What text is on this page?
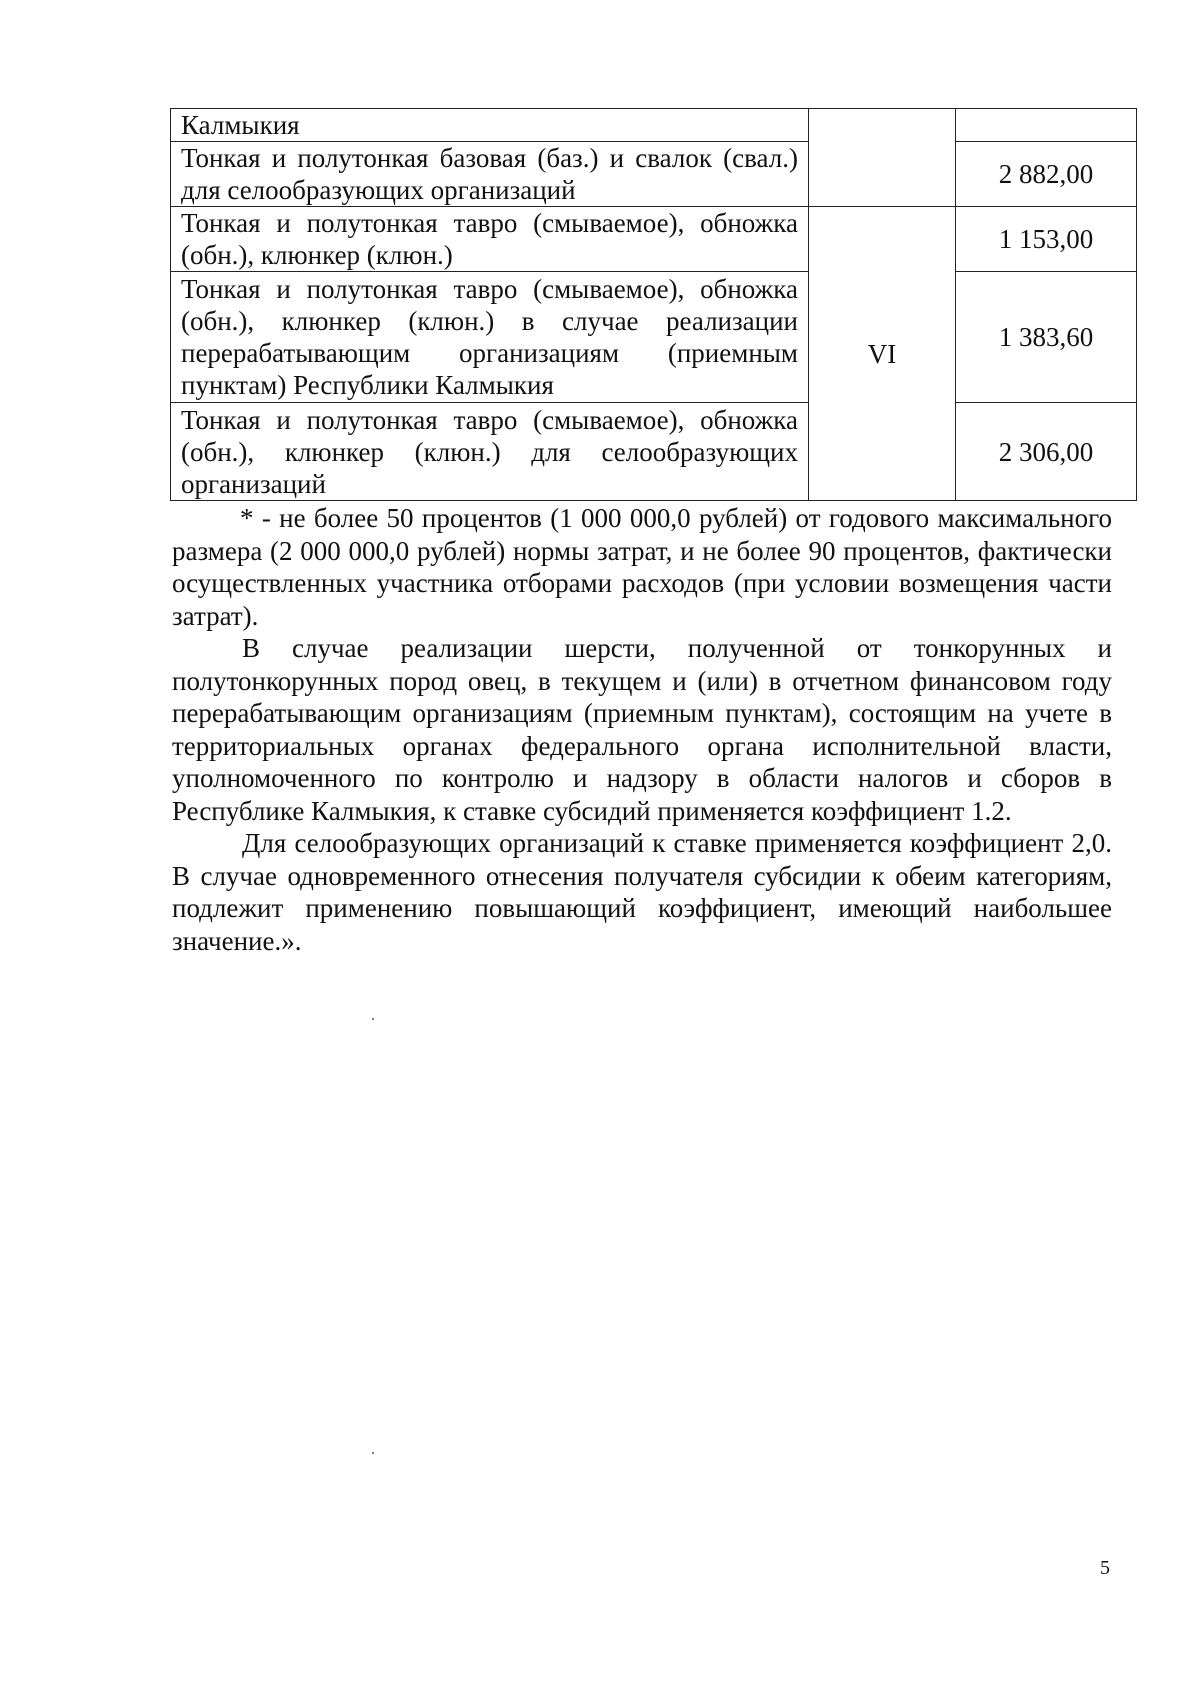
Калмыкия		
Тонкая и полутонкая базовая (баз.) и свалок (свал.) для селообразующих организаций		2 882,00
Тонкая и полутонкая тавро (смываемое), обножка (обн.), клюнкер (клюн.)	VI	1 153,00
Тонкая и полутонкая тавро (смываемое), обножка (обн.), клюнкер (клюн.) в случае реализации перерабатывающим организациям (приемным пунктам) Республики Калмыкия		1 383,60
Тонкая и полутонкая тавро (смываемое), обножка (обн.), клюнкер (клюн.) для селообразующих организаций		2 306,00

* - не более 50 процентов (1 000 000,0 рублей) от годового максимального размера (2 000 000,0 рублей) нормы затрат, и не более 90 процентов, фактически осуществленных участника отборами расходов (при условии возмещения части затрат).

В случае реализации шерсти, полученной от тонкорунных и полутонкорунных пород овец, в текущем и (или) в отчетном финансовом году перерабатывающим организациям (приемным пунктам), состоящим на учете в территориальных органах федерального органа исполнительной власти, уполномоченного по контролю и надзору в области налогов и сборов в Республике Калмыкия, к ставке субсидий применяется коэффициент 1.2.

Для селообразующих организаций к ставке применяется коэффициент 2,0. В случае одновременного отнесения получателя субсидии к обеим категориям, подлежит применению повышающий коэффициент, имеющий наибольшее значение.».

5
